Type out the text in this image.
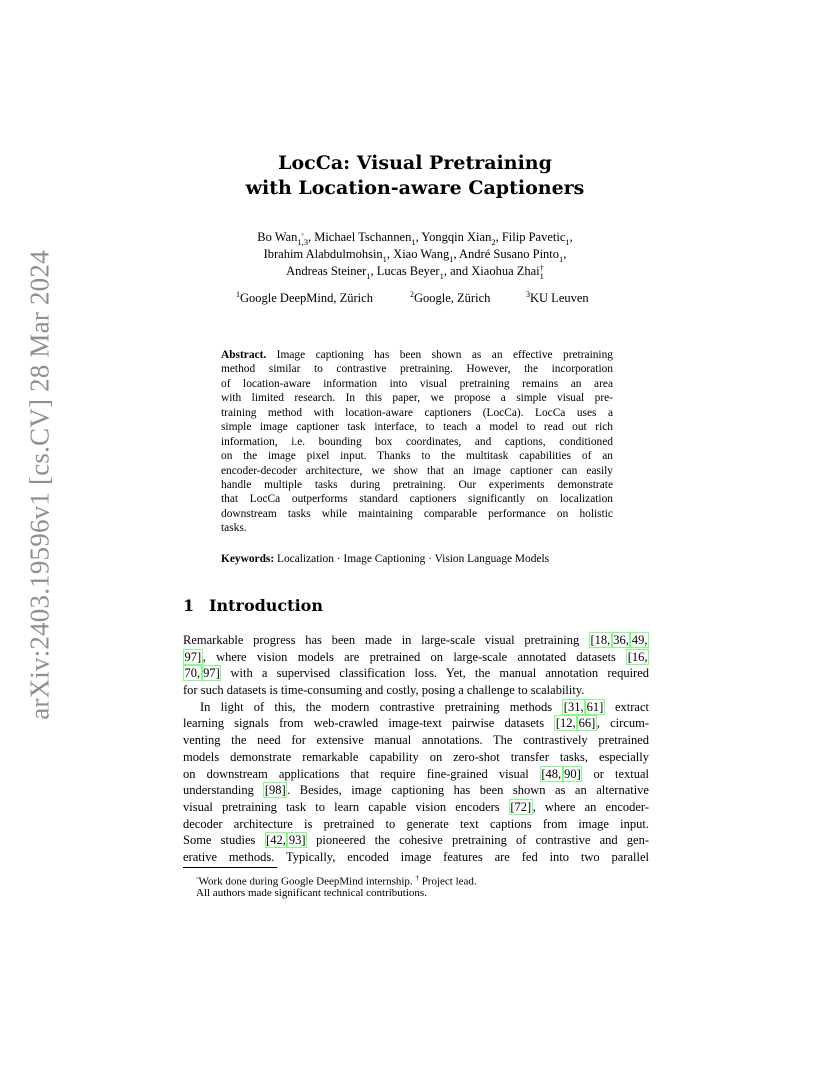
arXiv:2403.19596v1 [cs.CV] 28 Mar 2024
LocCa: Visual Pretraining
with Location-aware Captioners
Bo Wan ◦
1,3 , Michael Tschannen
1 , Yongqin Xian
2 , Filip Pavetic
1 ,
Ibrahim Alabdulmohsin
1 , Xiao Wang
1 , André Susano Pinto
1 ,
Andreas Steiner
1 , Lucas Beyer
1 , and Xiaohua Zhai †
1
$^1$Google DeepMind, Zürich	$^2$Google, Zürich	$^3$KU Leuven
Abstract. Image captioning has been shown as an effective pretraining
method similar to contrastive pretraining. However, the incorporation
of location-aware information into visual pretraining remains an area
with limited research. In this paper, we propose a simple visual pre-
training method with location-aware captioners (LocCa). LocCa uses a
simple image captioner task interface, to teach a model to read out rich
information, i.e. bounding box coordinates, and captions, conditioned
on the image pixel input. Thanks to the multitask capabilities of an
encoder-decoder architecture, we show that an image captioner can easily
handle multiple tasks during pretraining. Our experiments demonstrate
that LocCa outperforms standard captioners significantly on localization
downstream tasks while maintaining comparable performance on holistic
tasks.
Keywords: Localization · Image Captioning · Vision Language Models
1 Introduction
Remarkable progress has been made in large-scale visual pretraining [18, 36, 49,
97] , where vision models are pretrained on large-scale annotated datasets [16,
70, 97] with a supervised classification loss. Yet, the manual annotation required
for such datasets is time-consuming and costly, posing a challenge to scalability.
In light of this, the modern contrastive pretraining methods [31, 61] extract
learning signals from web-crawled image-text pairwise datasets [12, 66] , circum-
venting the need for extensive manual annotations. The contrastively pretrained
models demonstrate remarkable capability on zero-shot transfer tasks, especially
on downstream applications that require fine-grained visual [48, 90] or textual
understanding [98] . Besides, image captioning has been shown as an alternative
visual pretraining task to learn capable vision encoders [72] , where an encoder-
decoder architecture is pretrained to generate text captions from image input.
Some studies [42, 93] pioneered the cohesive pretraining of contrastive and gen-
erative methods. Typically, encoded image features are fed into two parallel
◦Work done during Google DeepMind internship. † Project lead.
All authors made significant technical contributions.
